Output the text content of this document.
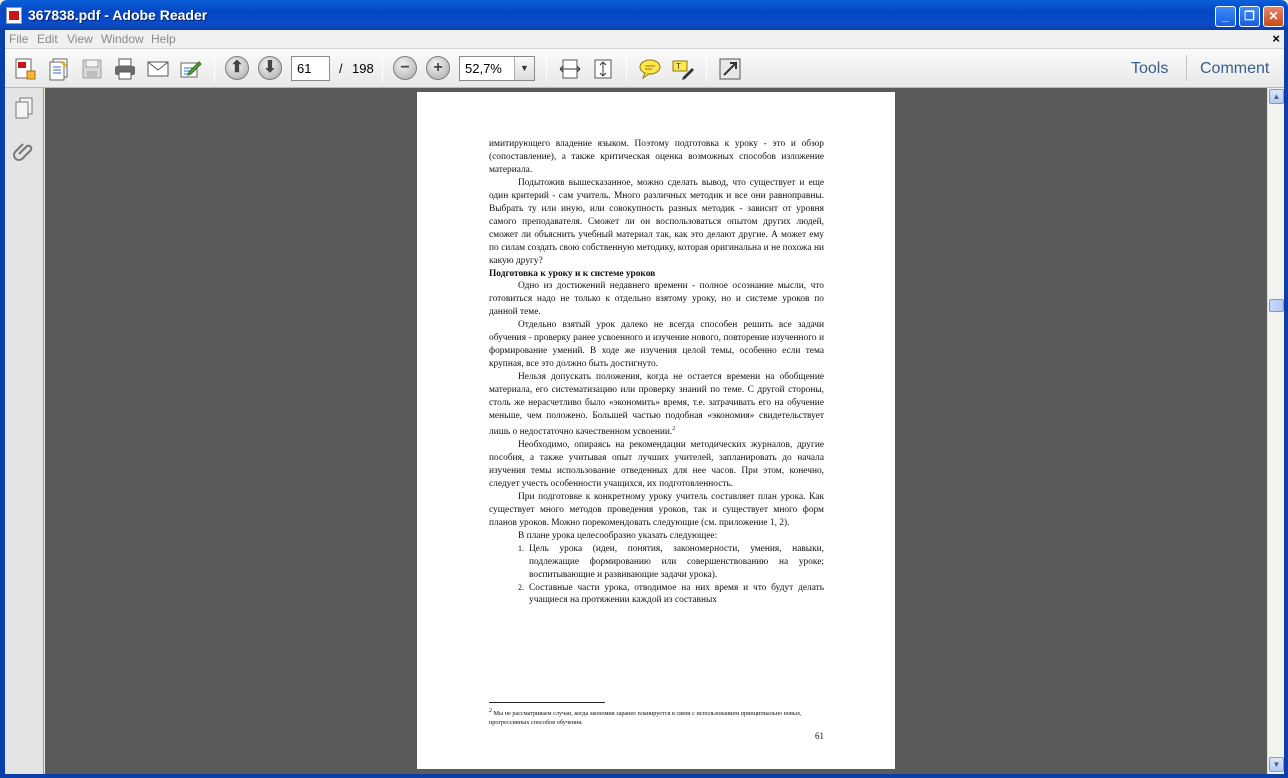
367838.pdf - Adobe Reader	_	❐	✕
File Edit View Window Help	×
⬆	⬇	61	/ 198	−	+	52,7%	▼	T	Tools Comment

имитирующего владение языком. Поэтому подготовка к уроку - это и обзор (сопоставление), а также критическая оценка возможных способов изложение материала.

Подытожив вышесказанное, можно сделать вывод, что существует и еще один критерий - сам учитель. Много различных методик и все они равноправны. Выбрать ту или иную, или совокупность разных методик - зависит от уровня самого преподавателя. Сможет ли он воспользоваться опытом других людей, сможет ли объяснить учебный материал так, как это делают другие. А может ему по силам создать свою собственную методику, которая оригинальна и не похожа ни какую другу?

Подготовка к уроку и к системе уроков

Одно из достижений недавнего времени - полное осознание мысли, что готовиться надо не только к отдельно взятому уроку, но и системе уроков по данной теме.

Отдельно взятый урок далеко не всегда способен решить все задачи обучения - проверку ранее усвоенного и изучение нового, повторение изученного и формирование умений. В ходе же изучения целой темы, особенно если тема крупная, все это должно быть достигнуто.

Нельзя допускать положения, когда не остается времени на обобщение материала, его систематизацию или проверку знаний по теме. С другой стороны, столь же нерасчетливо было «экономить» время, т.е. затрачивать его на обучение меньше, чем положено. Большей частью подобная «экономия» свидетельствует лишь о недостаточно качественном усвоении.$^2$

Необходимо, опираясь на рекомендации методических журналов, другие пособия, а также учитывая опыт лучших учителей, запланировать до начала изучения темы использование отведенных для нее часов. При этом, конечно, следует учесть особенности учащихся, их подготовленность.

При подготовке к конкретному уроку учитель составляет план урока. Как существует много методов проведения уроков, так и существует много форм планов уроков. Можно порекомендовать следующие (см. приложение 1, 2).

В плане урока целесообразно указать следующее:

1. Цель урока (идеи, понятия, закономерности, умения, навыки, подлежащие формированию или совершенствованию на уроке; воспитывающие и развивающие задачи урока).
2. Составные части урока, отводимое на них время и что будут делать учащиеся на протяжении каждой из составных
$^2$ Мы не рассматриваем случаи, когда экономия заранее планируется в связи с использованием принципиально новых, прогрессивных способов обучения.
61
▲
▼
